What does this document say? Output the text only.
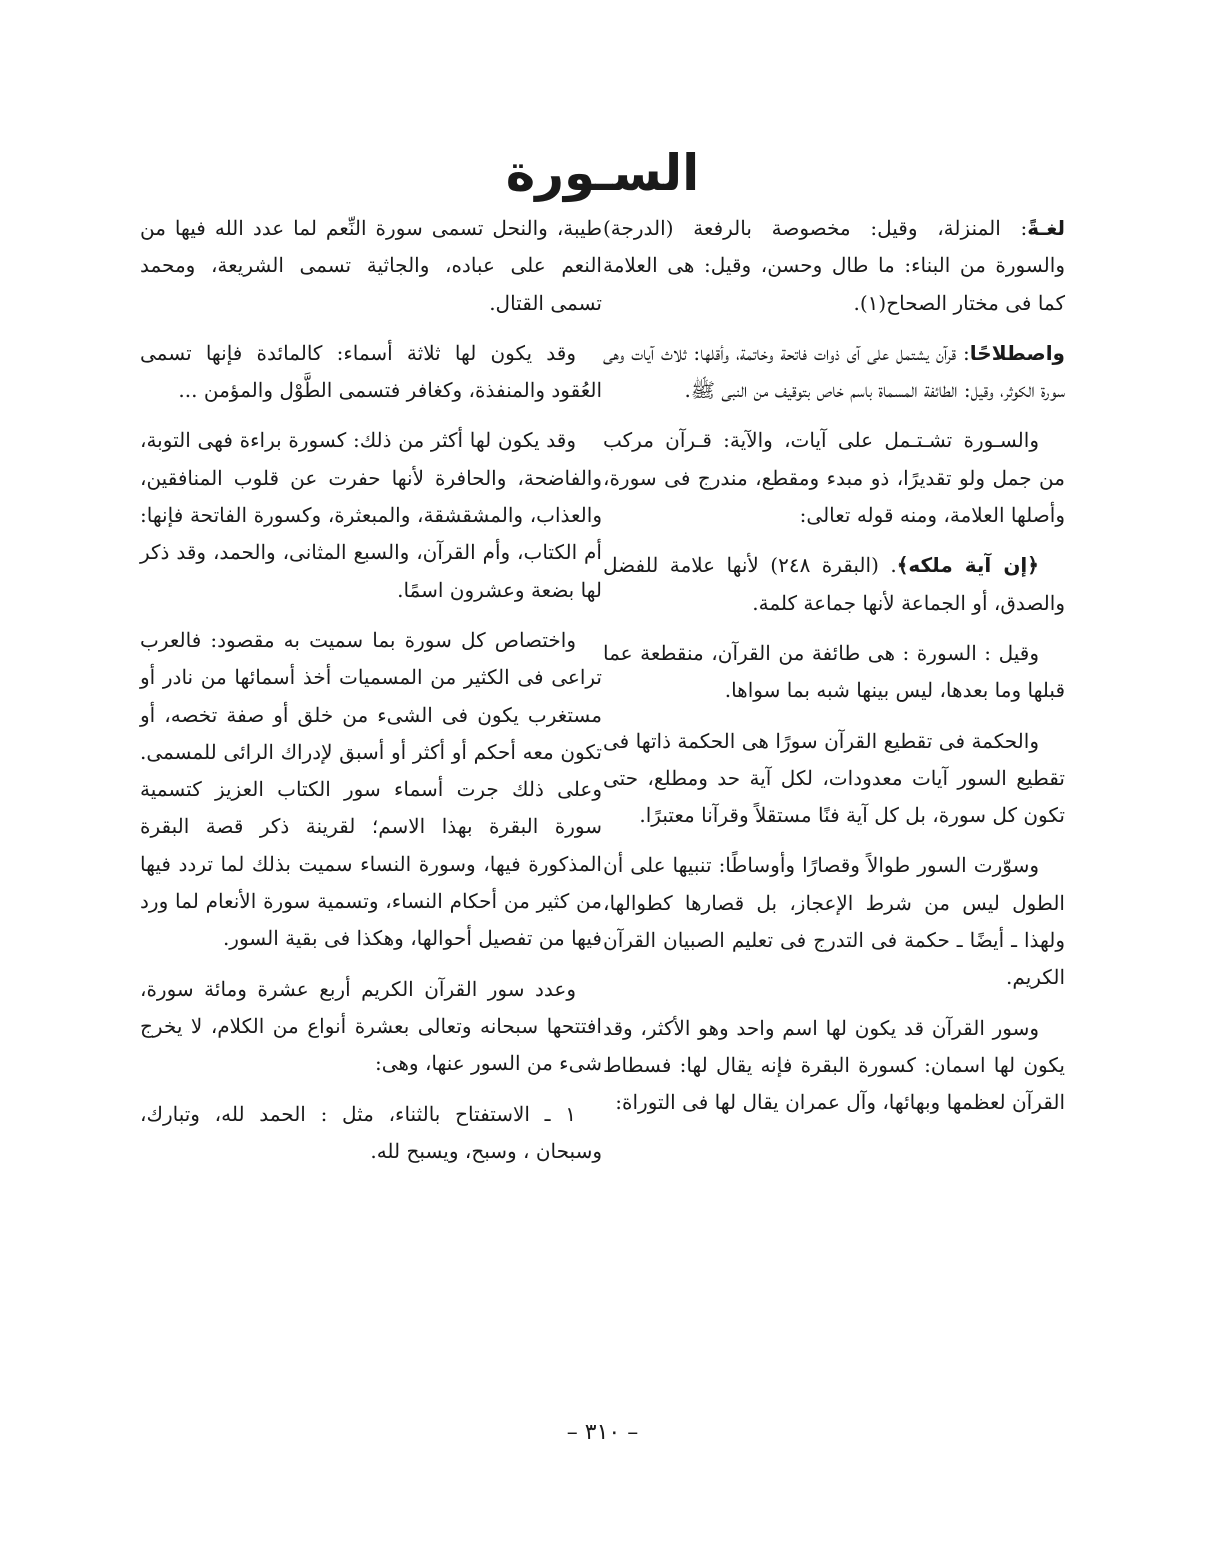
السـورة

لغـةً: المنزلة، وقيل: مخصوصة بالرفعة (الدرجة) والسورة من البناء: ما طال وحسن، وقيل: هى العلامة كما فى مختار الصحاح(١).

واصطلاحًا: قرآن يشتمل على آى ذوات فاتحة وخاتمة، وأقلها: ثلاث آيات وهى سورة الكوثر، وقيل: الطائفة المسماة باسم خاص بتوقيف من النبى ﷺ.

والسـورة تشـتـمل على آيات، والآية: قـرآن مركب من جمل ولو تقديرًا، ذو مبدء ومقطع، مندرج فى سورة، وأصلها العلامة، ومنه قوله تعالى:

﴿إن آية ملكه﴾. (البقرة ٢٤٨) لأنها علامة للفضل والصدق، أو الجماعة لأنها جماعة كلمة.

وقيل : السورة : هى طائفة من القرآن، منقطعة عما قبلها وما بعدها، ليس بينها شبه بما سواها.

والحكمة فى تقطيع القرآن سورًا هى الحكمة ذاتها فى تقطيع السور آيات معدودات، لكل آية حد ومطلع، حتى تكون كل سورة، بل كل آية فنًا مستقلاً وقرآنا معتبرًا.

وسوّرت السور طوالاً وقصارًا وأوساطًا: تنبيها على أن الطول ليس من شرط الإعجاز، بل قصارها كطوالها، ولهذا ـ أيضًا ـ حكمة فى التدرج فى تعليم الصبيان القرآن الكريم.

وسور القرآن قد يكون لها اسم واحد وهو الأكثر، وقد يكون لها اسمان: كسورة البقرة فإنه يقال لها: فسطاط القرآن لعظمها وبهائها، وآل عمران يقال لها فى التوراة:

طيبة، والنحل تسمى سورة النِّعم لما عدد الله فيها من النعم على عباده، والجاثية تسمى الشريعة، ومحمد تسمى القتال.

وقد يكون لها ثلاثة أسماء: كالمائدة فإنها تسمى العُقود والمنفذة، وكغافر فتسمى الطَّوْل والمؤمن ...

وقد يكون لها أكثر من ذلك: كسورة براءة فهى التوبة، والفاضحة، والحافرة لأنها حفرت عن قلوب المنافقين، والعذاب، والمشقشقة، والمبعثرة، وكسورة الفاتحة فإنها: أم الكتاب، وأم القرآن، والسبع المثانى، والحمد، وقد ذكر لها بضعة وعشرون اسمًا.

واختصاص كل سورة بما سميت به مقصود: فالعرب تراعى فى الكثير من المسميات أخذ أسمائها من نادر أو مستغرب يكون فى الشىء من خلق أو صفة تخصه، أو تكون معه أحكم أو أكثر أو أسبق لإدراك الرائى للمسمى. وعلى ذلك جرت أسماء سور الكتاب العزيز كتسمية سورة البقرة بهذا الاسم؛ لقرينة ذكر قصة البقرة المذكورة فيها، وسورة النساء سميت بذلك لما تردد فيها من كثير من أحكام النساء، وتسمية سورة الأنعام لما ورد فيها من تفصيل أحوالها، وهكذا فى بقية السور.

وعدد سور القرآن الكريم أربع عشرة ومائة سورة، افتتحها سبحانه وتعالى بعشرة أنواع من الكلام، لا يخرج شىء من السور عنها، وهى:

١ ـ الاستفتاح بالثناء، مثل : الحمد لله، وتبارك، وسبحان ، وسبح، ويسبح لله.

– ٣١٠ –
